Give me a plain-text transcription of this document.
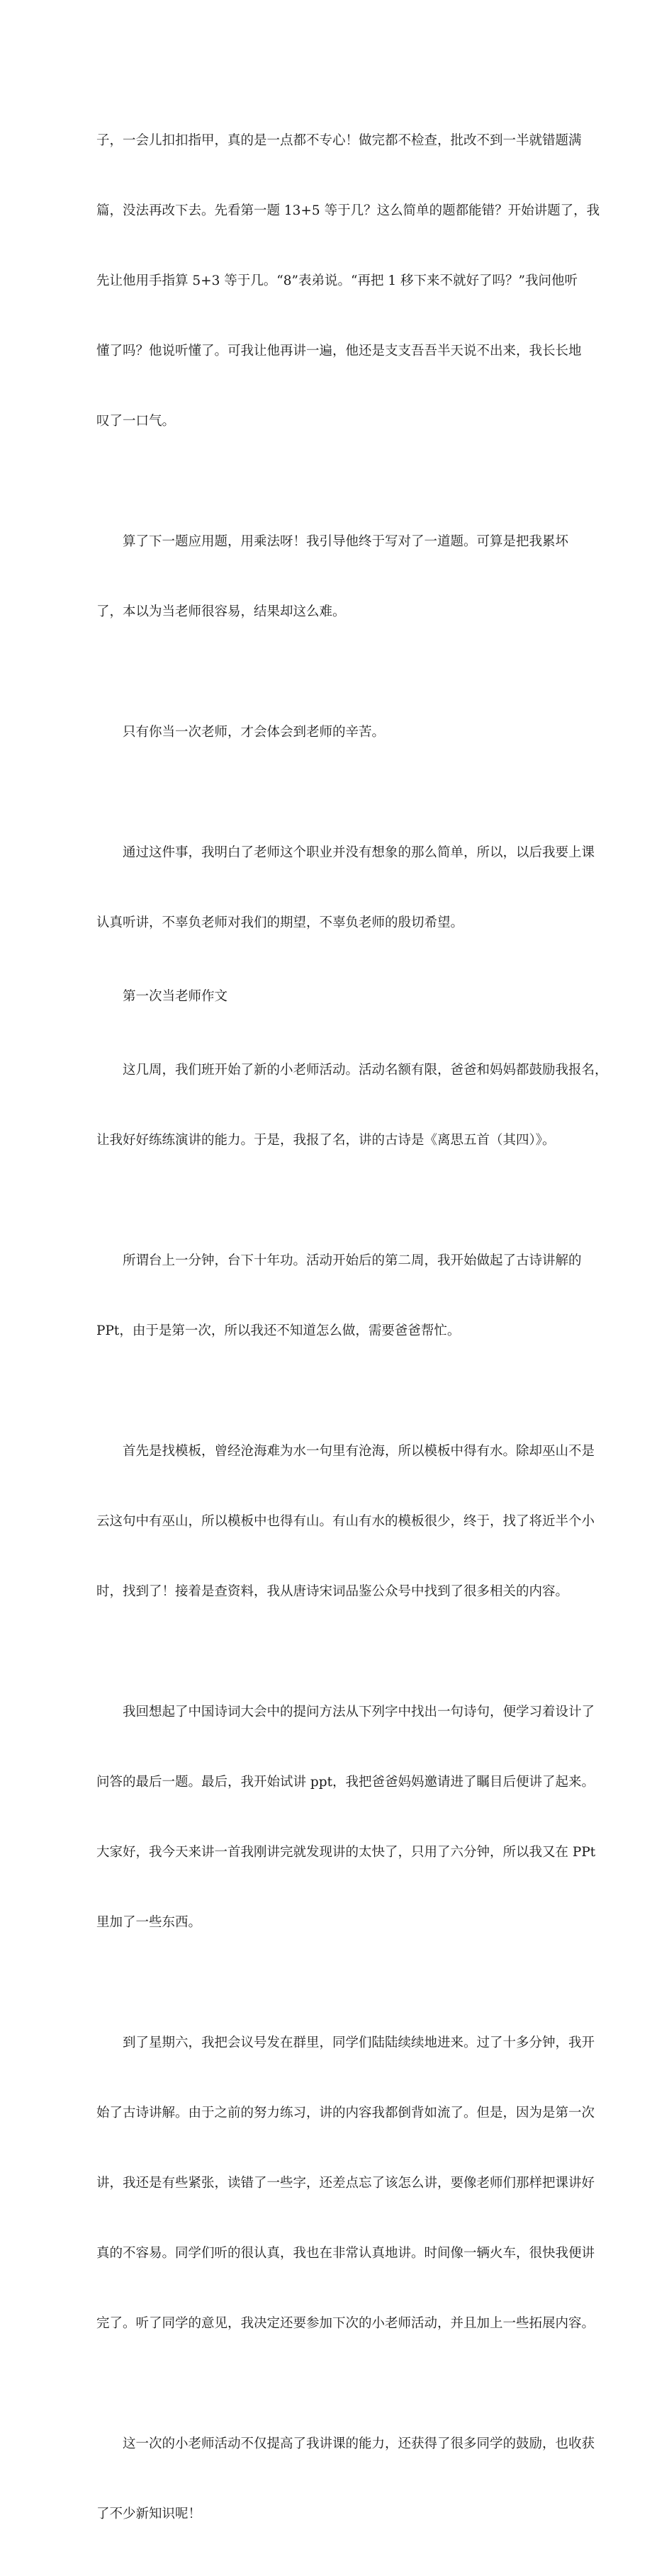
子，一会儿扣扣指甲，真的是一点都不专心！做完都不检查，批改不到一半就错题满

篇，没法再改下去。先看第一题 13+5 等于几？这么简单的题都能错？开始讲题了，我

先让他用手指算 5+3 等于几。“8”表弟说。“再把 1 移下来不就好了吗？”我问他听

懂了吗？他说听懂了。可我让他再讲一遍，他还是支支吾吾半天说不出来，我长长地

叹了一口气。

算了下一题应用题，用乘法呀！我引导他终于写对了一道题。可算是把我累坏

了，本以为当老师很容易，结果却这么难。

只有你当一次老师，才会体会到老师的辛苦。

通过这件事，我明白了老师这个职业并没有想象的那么简单，所以，以后我要上课

认真听讲，不辜负老师对我们的期望，不辜负老师的殷切希望。

第一次当老师作文

这几周，我们班开始了新的小老师活动。活动名额有限，爸爸和妈妈都鼓励我报名，

让我好好练练演讲的能力。于是，我报了名，讲的古诗是《离思五首（其四）》。

所谓台上一分钟，台下十年功。活动开始后的第二周，我开始做起了古诗讲解的

PPt，由于是第一次，所以我还不知道怎么做，需要爸爸帮忙。

首先是找模板，曾经沧海难为水一句里有沧海，所以模板中得有水。除却巫山不是

云这句中有巫山，所以模板中也得有山。有山有水的模板很少，终于，找了将近半个小

时，找到了！接着是查资料，我从唐诗宋词品鉴公众号中找到了很多相关的内容。

我回想起了中国诗词大会中的提问方法从下列字中找出一句诗句，便学习着设计了

问答的最后一题。最后，我开始试讲 ppt，我把爸爸妈妈邀请进了瞩目后便讲了起来。

大家好，我今天来讲一首我刚讲完就发现讲的太快了，只用了六分钟，所以我又在 PPt

里加了一些东西。

到了星期六，我把会议号发在群里，同学们陆陆续续地进来。过了十多分钟，我开

始了古诗讲解。由于之前的努力练习，讲的内容我都倒背如流了。但是，因为是第一次

讲，我还是有些紧张，读错了一些字，还差点忘了该怎么讲，要像老师们那样把课讲好

真的不容易。同学们听的很认真，我也在非常认真地讲。时间像一辆火车，很快我便讲

完了。听了同学的意见，我决定还要参加下次的小老师活动，并且加上一些拓展内容。

这一次的小老师活动不仅提高了我讲课的能力，还获得了很多同学的鼓励，也收获

了不少新知识呢！
